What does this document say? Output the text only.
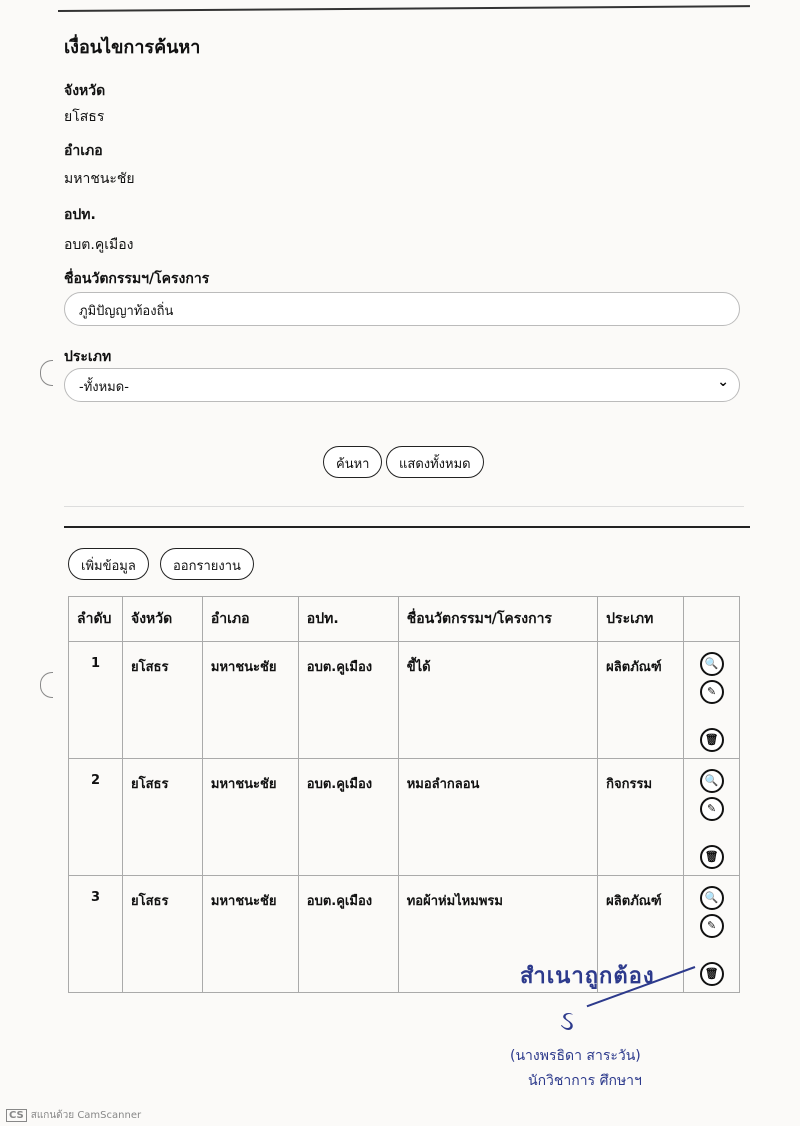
เงื่อนไขการค้นหา
จังหวัด
ยโสธร
อำเภอ
มหาชนะชัย
อปท.
อบต.คูเมือง
ชื่อนวัตกรรมฯ/โครงการ
ภูมิปัญญาท้องถิ่น
ประเภท
-ทั้งหมด-	⌄
ค้นหา	แสดงทั้งหมด
เพิ่มข้อมูล	ออกรายงาน
ลำดับ	จังหวัด	อำเภอ	อปท.	ชื่อนวัตกรรมฯ/โครงการ	ประเภท	
1	ยโสธร	มหาชนะชัย	อบต.คูเมือง	ขี้ได้	ผลิตภัณฑ์	🔍
✎
🗑

2	ยโสธร	มหาชนะชัย	อบต.คูเมือง	หมอลำกลอน	กิจกรรม	🔍
✎
🗑

3	ยโสธร	มหาชนะชัย	อบต.คูเมือง	ทอผ้าห่มไหมพรม	ผลิตภัณฑ์	🔍
✎
🗑
สำเนาถูกต้อง
ઽ
(นางพรธิดา สาระวัน)
นักวิชาการ ศึกษาฯ
CS สแกนด้วย CamScanner
